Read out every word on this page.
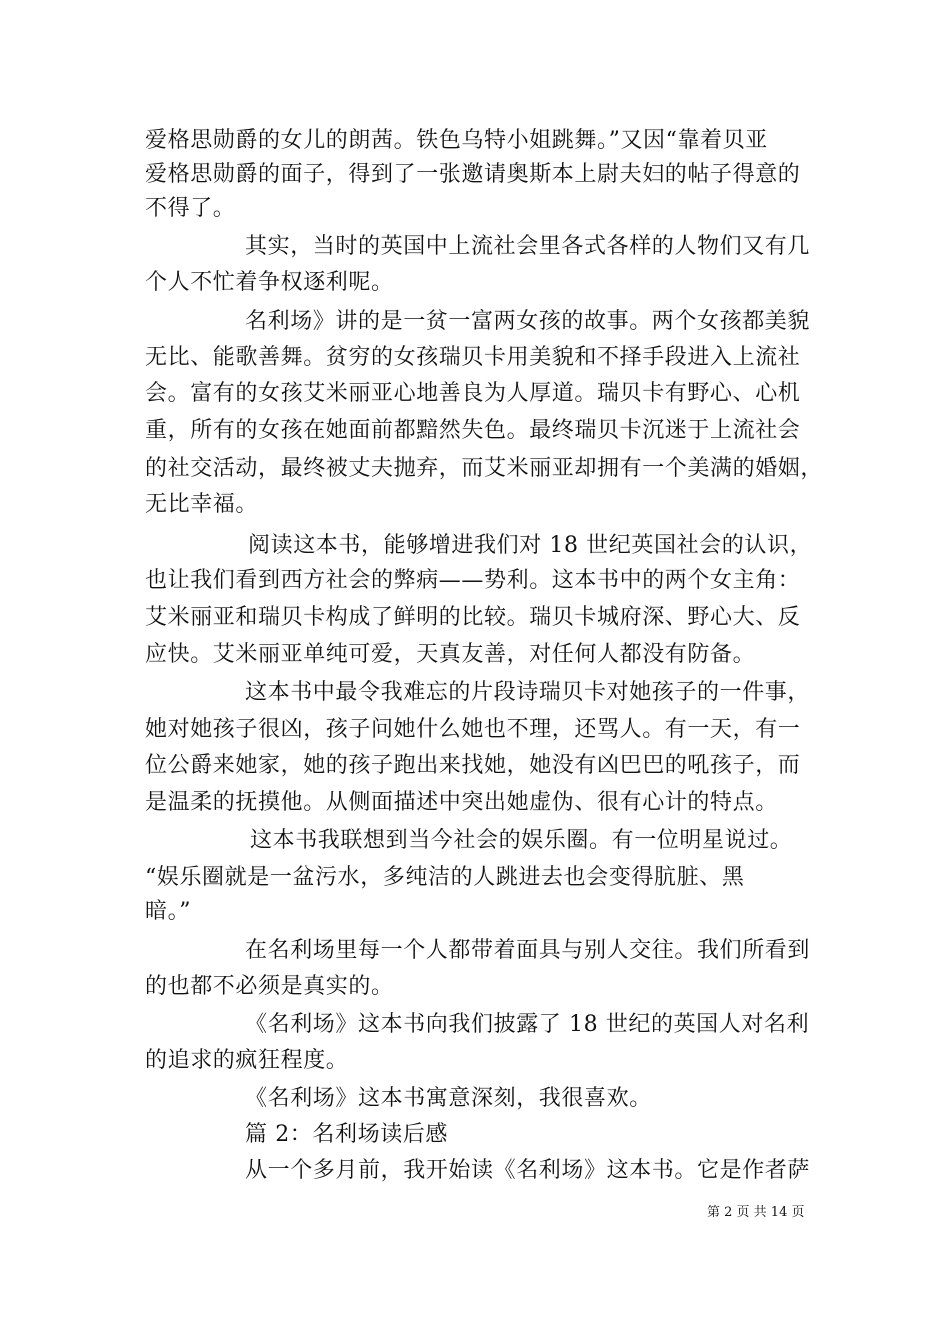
爱格思勋爵的女儿的朗茜。铁色乌特小姐跳舞。”又因“靠着贝亚
爱格思勋爵的面子，得到了一张邀请奥斯本上尉夫妇的帖子得意的
不得了。
其实，当时的英国中上流社会里各式各样的人物们又有几
个人不忙着争权逐利呢。
名利场》讲的是一贫一富两女孩的故事。两个女孩都美貌
无比、能歌善舞。贫穷的女孩瑞贝卡用美貌和不择手段进入上流社
会。富有的女孩艾米丽亚心地善良为人厚道。瑞贝卡有野心、心机
重，所有的女孩在她面前都黯然失色。最终瑞贝卡沉迷于上流社会
的社交活动，最终被丈夫抛弃，而艾米丽亚却拥有一个美满的婚姻，
无比幸福。
阅读这本书，能够增进我们对 18 世纪英国社会的认识，
也让我们看到西方社会的弊病——势利。这本书中的两个女主角：
艾米丽亚和瑞贝卡构成了鲜明的比较。瑞贝卡城府深、野心大、反
应快。艾米丽亚单纯可爱，天真友善，对任何人都没有防备。
这本书中最令我难忘的片段诗瑞贝卡对她孩子的一件事，
她对她孩子很凶，孩子问她什么她也不理，还骂人。有一天，有一
位公爵来她家，她的孩子跑出来找她，她没有凶巴巴的吼孩子，而
是温柔的抚摸他。从侧面描述中突出她虚伪、很有心计的特点。
这本书我联想到当今社会的娱乐圈。有一位明星说过。
“娱乐圈就是一盆污水，多纯洁的人跳进去也会变得肮脏、黑
暗。”
在名利场里每一个人都带着面具与别人交往。我们所看到
的也都不必须是真实的。
《名利场》这本书向我们披露了 18 世纪的英国人对名利
的追求的疯狂程度。
《名利场》这本书寓意深刻，我很喜欢。
篇 2：名利场读后感
从一个多月前，我开始读《名利场》这本书。它是作者萨
第 2 页 共 14 页
